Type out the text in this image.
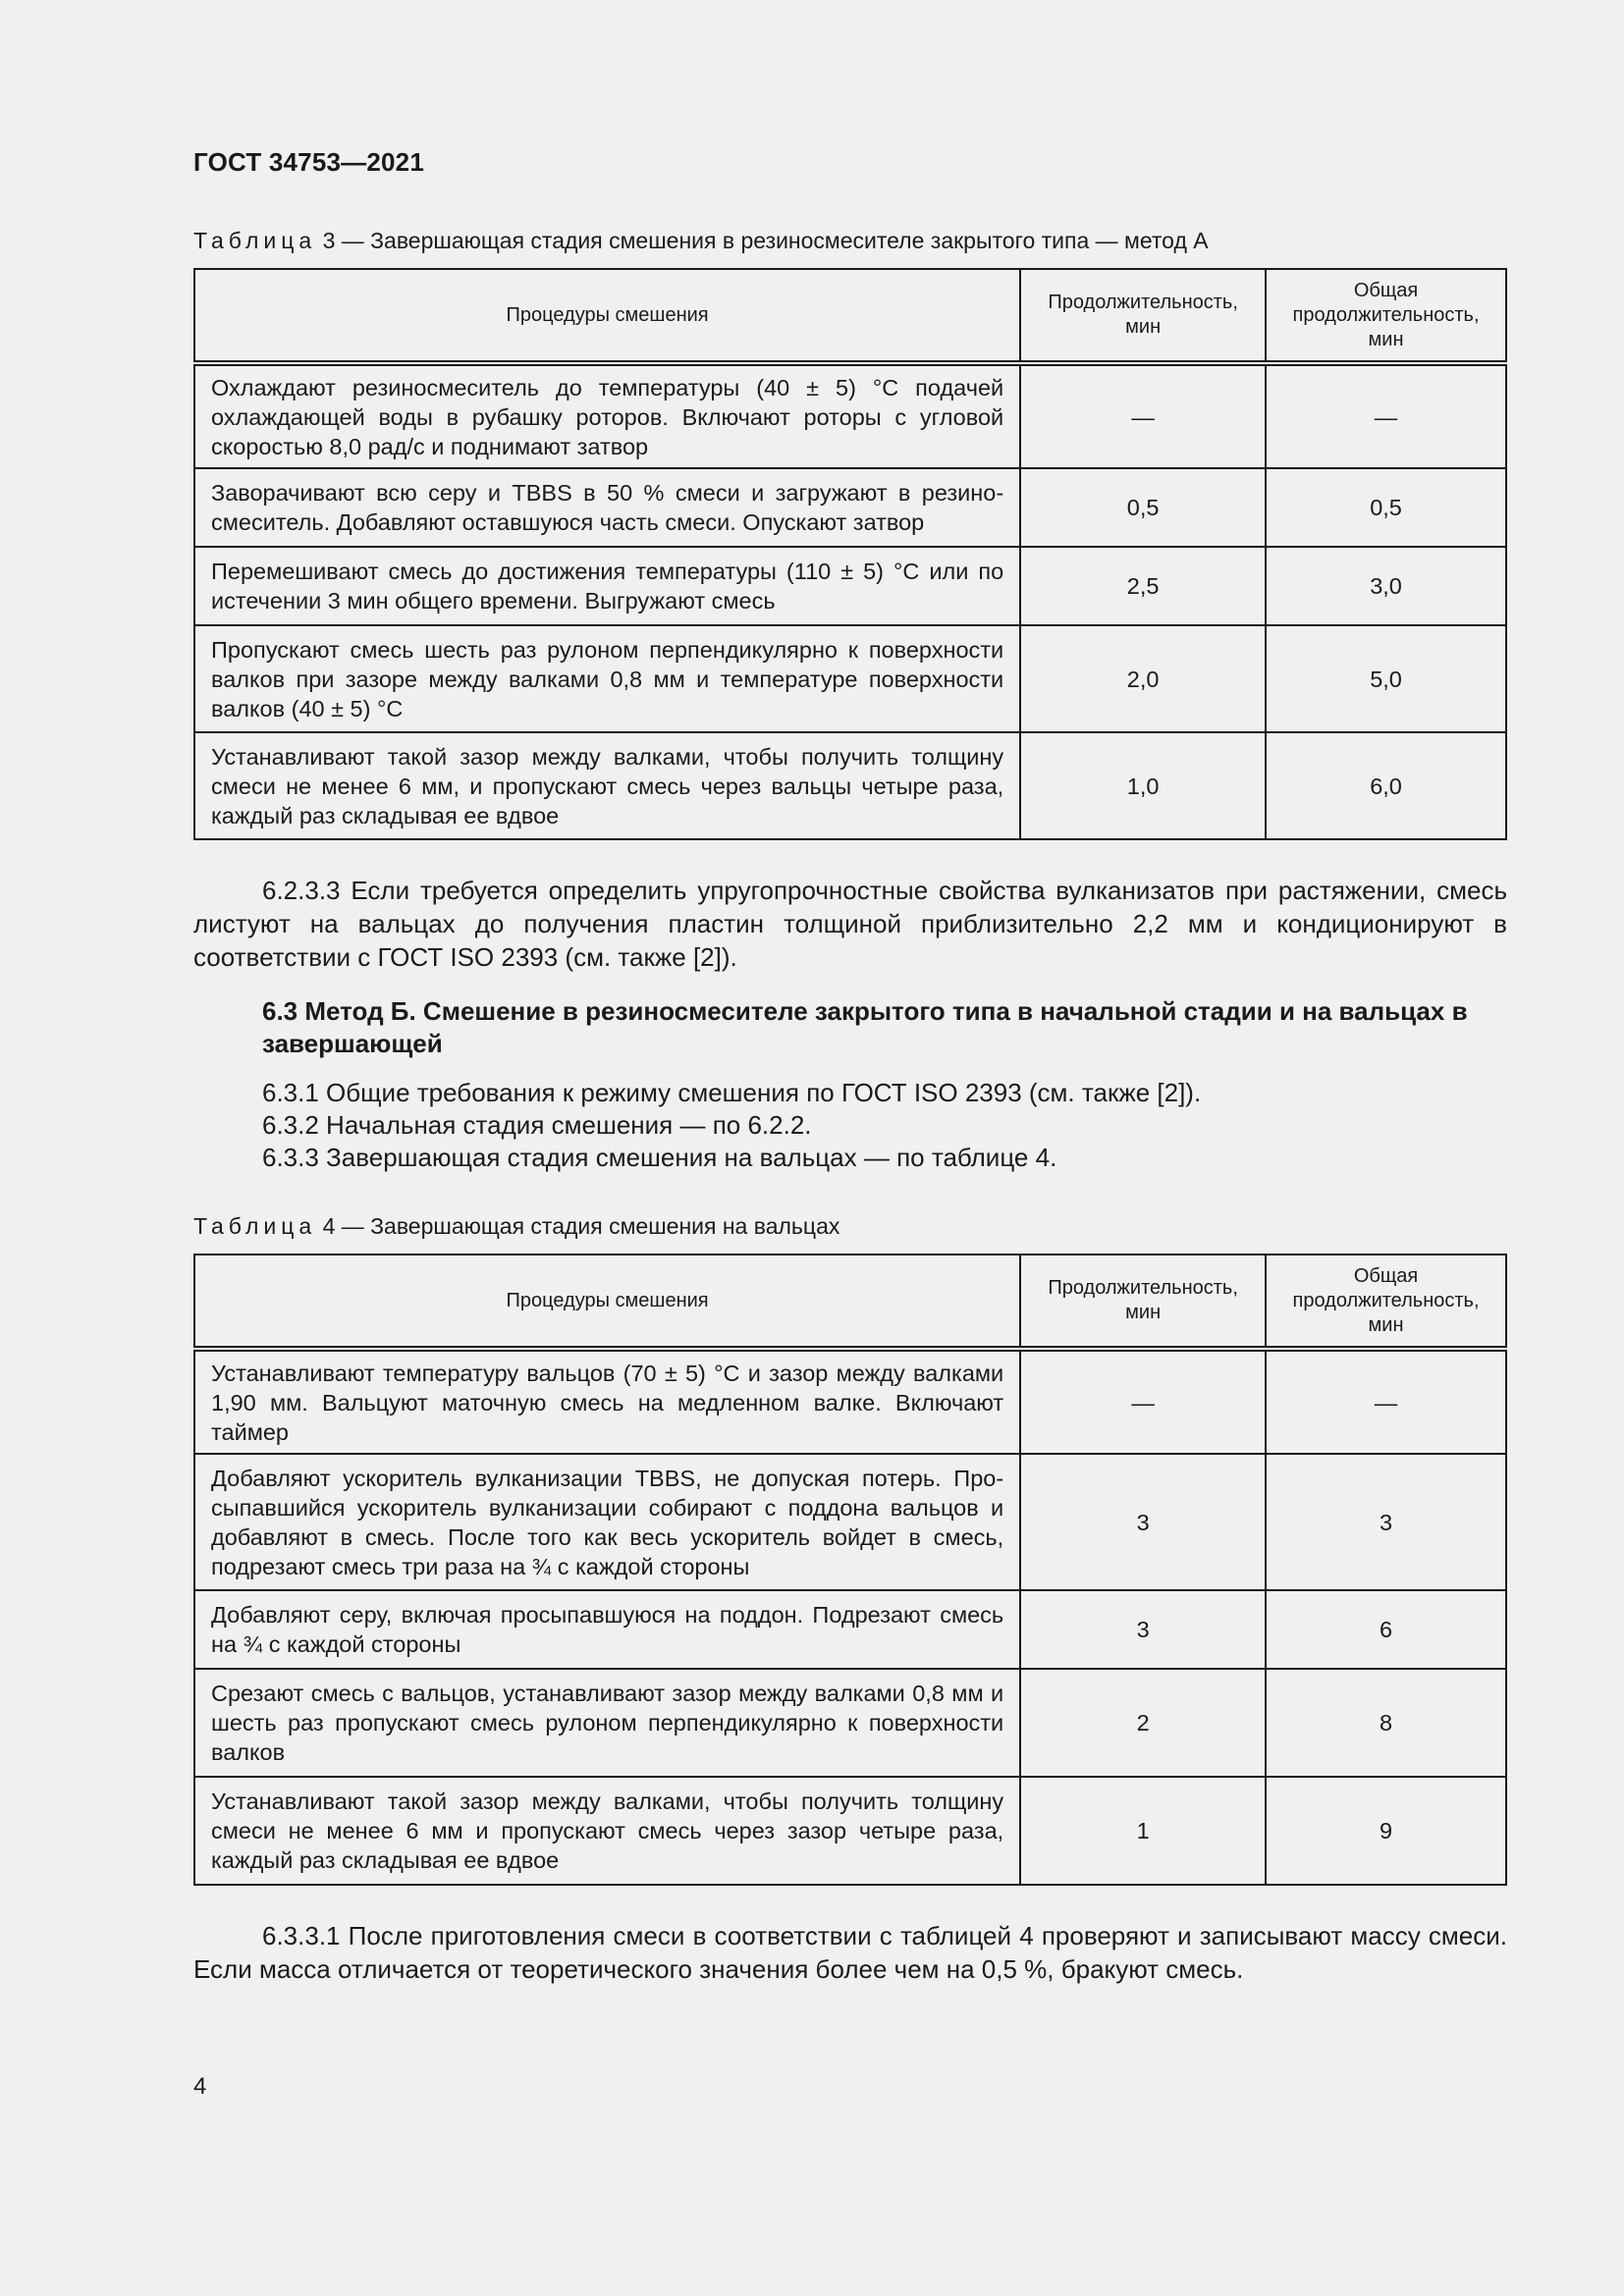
ГОСТ 34753—2021
Таблица 3 — Завершающая стадия смешения в резиносмесителе закрытого типа — метод А
Процедуры смешения	Продолжительность, мин	Общая продолжительность, мин
Охлаждают резиносмеситель до температуры (40 ± 5) °С подачей охлаждающей воды в рубашку роторов. Включают роторы с угловой скоростью 8,0 рад/с и поднимают затвор	—	—
Заворачивают всю серу и TBBS в 50 % смеси и загружают в резиносмеситель. Добавляют оставшуюся часть смеси. Опускают затвор	0,5	0,5
Перемешивают смесь до достижения температуры (110 ± 5) °С или по истечении 3 мин общего времени. Выгружают смесь	2,5	3,0
Пропускают смесь шесть раз рулоном перпендикулярно к поверхности валков при зазоре между валками 0,8 мм и температуре поверхности валков (40 ± 5) °С	2,0	5,0
Устанавливают такой зазор между валками, чтобы получить толщину смеси не менее 6 мм, и пропускают смесь через вальцы четыре раза, каждый раз складывая ее вдвое	1,0	6,0
6.2.3.3 Если требуется определить упругопрочностные свойства вулканизатов при растяжении, смесь листуют на вальцах до получения пластин толщиной приблизительно 2,2 мм и кондиционируют в соответствии с ГОСТ ISO 2393 (см. также [2]).
6.3 Метод Б. Смешение в резиносмесителе закрытого типа в начальной стадии и на вальцах в завершающей
6.3.1 Общие требования к режиму смешения по ГОСТ ISO 2393 (см. также [2]).
6.3.2 Начальная стадия смешения — по 6.2.2.
6.3.3 Завершающая стадия смешения на вальцах — по таблице 4.
Таблица 4 — Завершающая стадия смешения на вальцах
Процедуры смешения	Продолжительность, мин	Общая продолжительность, мин
Устанавливают температуру вальцов (70 ± 5) °С и зазор между валками 1,90 мм. Вальцуют маточную смесь на медленном валке. Включают таймер	—	—
Добавляют ускоритель вулканизации TBBS, не допуская потерь. Просыпавшийся ускоритель вулканизации собирают с поддона вальцов и добавляют в смесь. После того как весь ускоритель войдет в смесь, подрезают смесь три раза на ¾ с каждой стороны	3	3
Добавляют серу, включая просыпавшуюся на поддон. Подрезают смесь на ¾ с каждой стороны	3	6
Срезают смесь с вальцов, устанавливают зазор между валками 0,8 мм и шесть раз пропускают смесь рулоном перпендикулярно к поверхности валков	2	8
Устанавливают такой зазор между валками, чтобы получить толщину смеси не менее 6 мм и пропускают смесь через зазор четыре раза, каждый раз складывая ее вдвое	1	9
6.3.3.1 После приготовления смеси в соответствии с таблицей 4 проверяют и записывают массу смеси. Если масса отличается от теоретического значения более чем на 0,5 %, бракуют смесь.
4
